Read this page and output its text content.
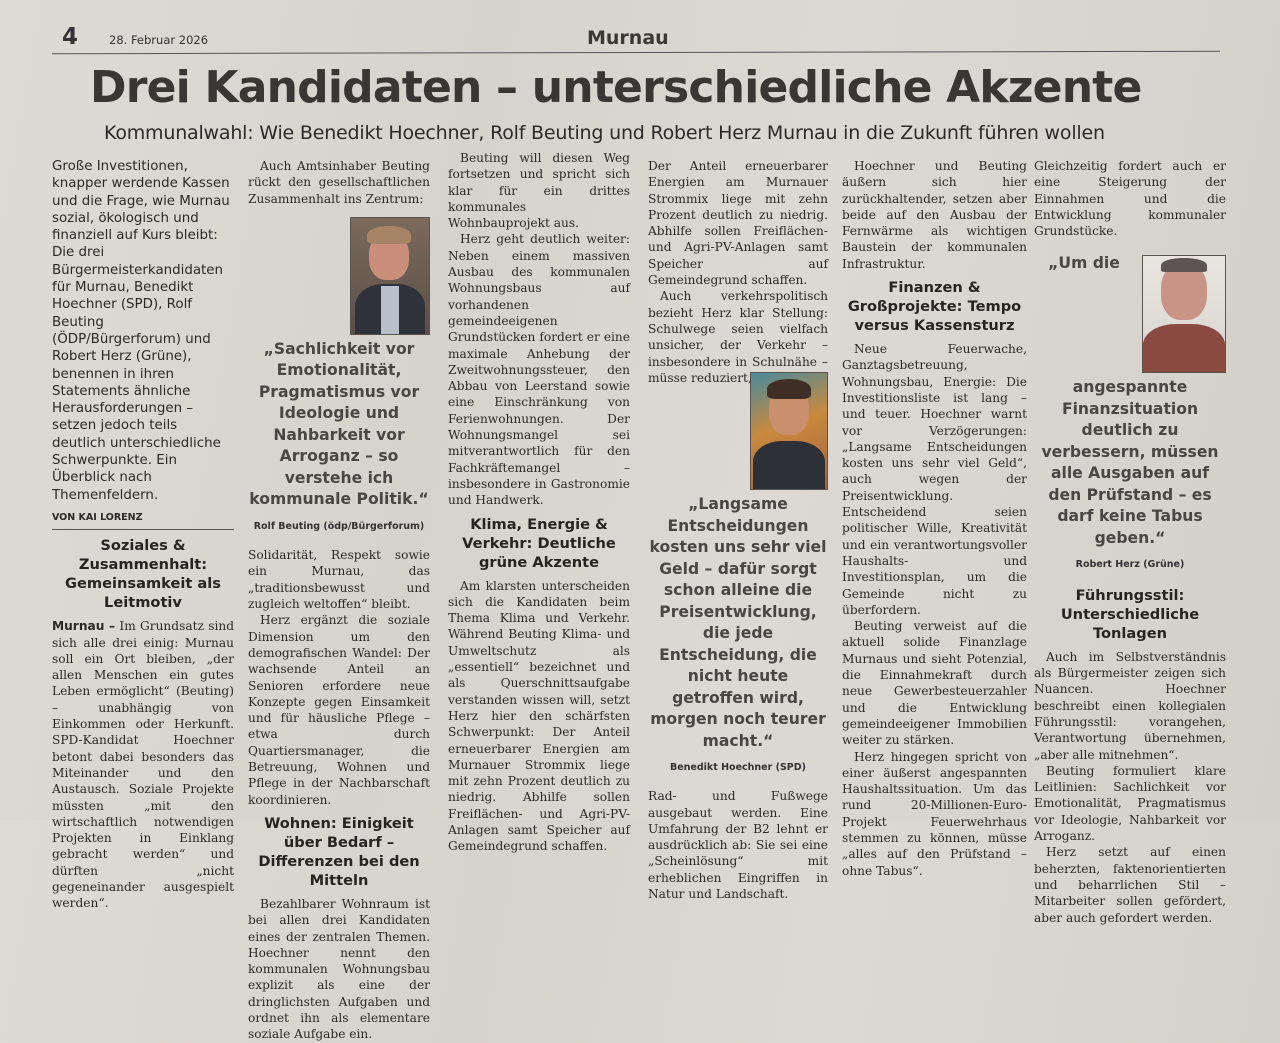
4	28. Februar 2026	Murnau
Drei Kandidaten – unterschiedliche Akzente
Kommunalwahl: Wie Benedikt Hoechner, Rolf Beuting und Robert Herz Murnau in die Zukunft führen wollen

Große Investitionen, knapper werdende Kassen und die Frage, wie Murnau sozial, ökologisch und finanziell auf Kurs bleibt: Die drei Bürgermeisterkandidaten für Murnau, Benedikt Hoechner (SPD), Rolf Beuting (ÖDP/Bürgerforum) und Robert Herz (Grüne), benennen in ihren Statements ähnliche Herausforderungen – setzen jedoch teils deutlich unterschiedliche Schwerpunkte. Ein Überblick nach Themenfeldern.

VON KAI LORENZ
Soziales & Zusammenhalt: Gemeinsamkeit als Leitmotiv

Murnau – Im Grundsatz sind sich alle drei einig: Murnau soll ein Ort bleiben, „der allen Menschen ein gutes Leben ermöglicht“ (Beuting) – unabhängig von Einkommen oder Herkunft. SPD-Kandidat Hoechner betont dabei besonders das Miteinander und den Austausch. Soziale Projekte müssten „mit den wirtschaftlich notwendigen Projekten in Einklang gebracht werden“ und dürften „nicht gegeneinander ausgespielt werden“.

Auch Amtsinhaber Beuting rückt den gesellschaftlichen Zusammenhalt ins Zentrum:

„Sachlichkeit vor Emotionalität, Pragmatismus vor Ideologie und Nahbarkeit vor Arroganz – so verstehe ich kommunale Politik.“
Rolf Beuting (ödp/Bürgerforum)

Solidarität, Respekt sowie ein Murnau, das „traditionsbewusst und zugleich weltoffen“ bleibt.

Herz ergänzt die soziale Dimension um den demografischen Wandel: Der wachsende Anteil an Senioren erfordere neue Konzepte gegen Einsamkeit und für häusliche Pflege – etwa durch Quartiersmanager, die Betreuung, Wohnen und Pflege in der Nachbarschaft koordinieren.

Wohnen: Einigkeit über Bedarf – Differenzen bei den Mitteln

Bezahlbarer Wohnraum ist bei allen drei Kandidaten eines der zentralen Themen. Hoechner nennt den kommunalen Wohnungsbau explizit als eine der dringlichsten Aufgaben und ordnet ihn als elementare soziale Aufgabe ein.

Beuting will diesen Weg fortsetzen und spricht sich klar für ein drittes kommunales Wohnbauprojekt aus.

Herz geht deutlich weiter: Neben einem massiven Ausbau des kommunalen Wohnungsbaus auf vorhandenen gemeindeeigenen Grundstücken fordert er eine maximale Anhebung der Zweitwohnungssteuer, den Abbau von Leerstand sowie eine Einschränkung von Ferienwohnungen. Der Wohnungsmangel sei mitverantwortlich für den Fachkräftemangel – insbesondere in Gastronomie und Handwerk.

Klima, Energie & Verkehr: Deutliche grüne Akzente

Am klarsten unterscheiden sich die Kandidaten beim Thema Klima und Verkehr. Während Beuting Klima- und Umweltschutz als „essentiell“ bezeichnet und als Querschnittsaufgabe verstanden wissen will, setzt Herz hier den schärfsten Schwerpunkt: Der Anteil erneuerbarer Energien am Murnauer Strommix liege mit zehn Prozent deutlich zu niedrig. Abhilfe sollen Freiflächen- und Agri-PV-Anlagen samt Speicher auf Gemeindegrund schaffen.

„Langsame Entscheidungen kosten uns sehr viel Geld – dafür sorgt schon alleine die Preisentwicklung, die jede Entscheidung, die nicht heute getroffen wird, morgen noch teurer macht.“
Benedikt Hoechner (SPD)

Rad- und Fußwege ausgebaut werden. Eine Umfahrung der B2 lehnt er ausdrücklich ab: Sie sei eine „Scheinlösung“ mit erheblichen Eingriffen in Natur und Landschaft.

Der Anteil erneuerbarer Energien am Murnauer Strommix liege mit zehn Prozent deutlich zu niedrig. Abhilfe sollen Freiflächen- und Agri-PV-Anlagen samt Speicher auf Gemeindegrund schaffen.

Auch verkehrspolitisch bezieht Herz klar Stellung: Schulwege seien vielfach unsicher, der Verkehr – insbesondere in Schulnähe – müsse reduziert,

Hoechner und Beuting äußern sich hier zurückhaltender, setzen aber beide auf den Ausbau der Fernwärme als wichtigen Baustein der kommunalen Infrastruktur.

Finanzen & Großprojekte: Tempo versus Kassensturz

Neue Feuerwache, Ganztagsbetreuung, Wohnungsbau, Energie: Die Investitionsliste ist lang – und teuer. Hoechner warnt vor Verzögerungen: „Langsame Entscheidungen kosten uns sehr viel Geld“, auch wegen der Preisentwicklung. Entscheidend seien politischer Wille, Kreativität und ein verantwortungsvoller Haushalts- und Investitionsplan, um die Gemeinde nicht zu überfordern.

Beuting verweist auf die aktuell solide Finanzlage Murnaus und sieht Potenzial, die Einnahmekraft durch neue Gewerbesteuerzahler und die Entwicklung gemeindeeigener Immobilien weiter zu stärken.

Herz hingegen spricht von einer äußerst angespannten Haushaltssituation. Um das rund 20-Millionen-Euro-Projekt Feuerwehrhaus stemmen zu können, müsse „alles auf den Prüfstand – ohne Tabus“.

Gleichzeitig fordert auch er eine Steigerung der Einnahmen und die Entwicklung kommunaler Grundstücke.

„Um die angespannte Finanzsituation deutlich zu verbessern, müssen alle Ausgaben auf den Prüfstand – es darf keine Tabus geben.“
Robert Herz (Grüne)
Führungsstil: Unterschiedliche Tonlagen

Auch im Selbstverständnis als Bürgermeister zeigen sich Nuancen. Hoechner beschreibt einen kollegialen Führungsstil: vorangehen, Verantwortung übernehmen, „aber alle mitnehmen“.

Beuting formuliert klare Leitlinien: Sachlichkeit vor Emotionalität, Pragmatismus vor Ideologie, Nahbarkeit vor Arroganz.

Herz setzt auf einen beherzten, faktenorientierten und beharrlichen Stil – Mitarbeiter sollen gefördert, aber auch gefordert werden.
